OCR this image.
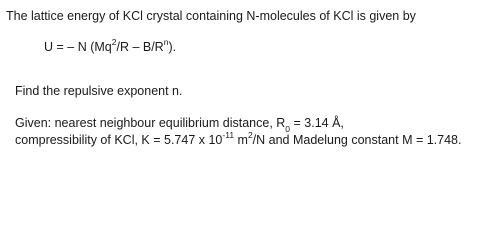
The lattice energy of KCl crystal containing N-molecules of KCl is given by
U = – N $(Mq^2/R - B/R^n)$.
Find the repulsive exponent n.
Given: nearest neighbour equilibrium distance, $R_0 = 3.14$ Å,
compressibility of KCl, K = 5.747 x $10^{-11}$ $m^2/N$ and Madelung constant M = 1.748.
